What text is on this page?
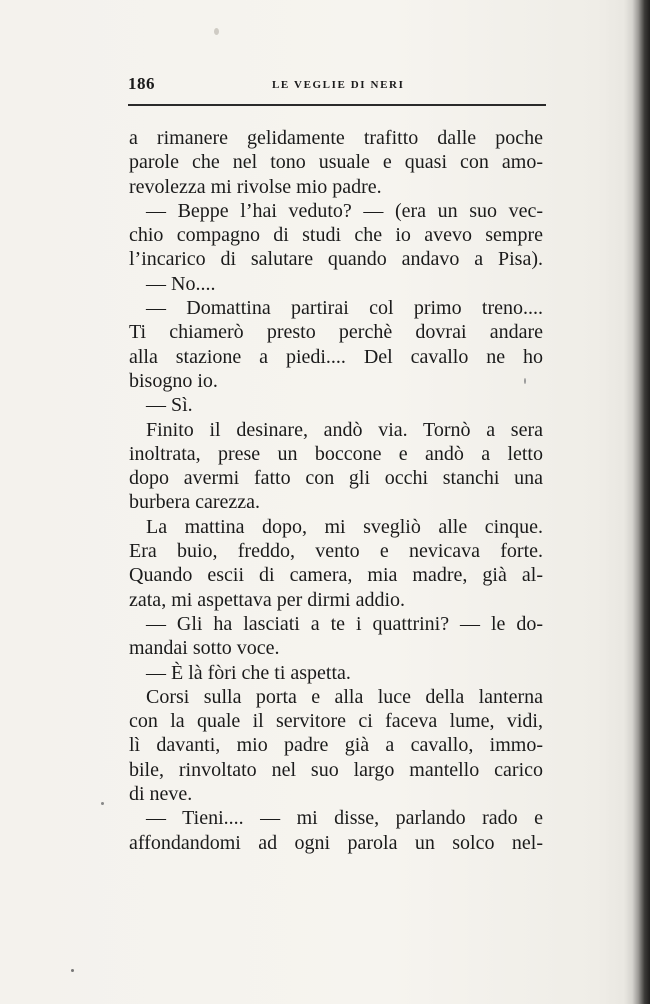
186	LE VEGLIE DI NERI
a rimanere gelidamente trafitto dalle poche
parole che nel tono usuale e quasi con amo-
revolezza mi rivolse mio padre.
— Beppe l’hai veduto? — (era un suo vec-
chio compagno di studi che io avevo sempre
l’incarico di salutare quando andavo a Pisa).
— No....
— Domattina partirai col primo treno....
Ti chiamerò presto perchè dovrai andare
alla stazione a piedi.... Del cavallo ne ho
bisogno io.
— Sì.
Finito il desinare, andò via. Tornò a sera
inoltrata, prese un boccone e andò a letto
dopo avermi fatto con gli occhi stanchi una
burbera carezza.
La mattina dopo, mi svegliò alle cinque.
Era buio, freddo, vento e nevicava forte.
Quando escii di camera, mia madre, già al-
zata, mi aspettava per dirmi addio.
— Gli ha lasciati a te i quattrini? — le do-
mandai sotto voce.
— È là fòri che ti aspetta.
Corsi sulla porta e alla luce della lanterna
con la quale il servitore ci faceva lume, vidi,
lì davanti, mio padre già a cavallo, immo-
bile, rinvoltato nel suo largo mantello carico
di neve.
— Tieni.... — mi disse, parlando rado e
affondandomi ad ogni parola un solco nel-
